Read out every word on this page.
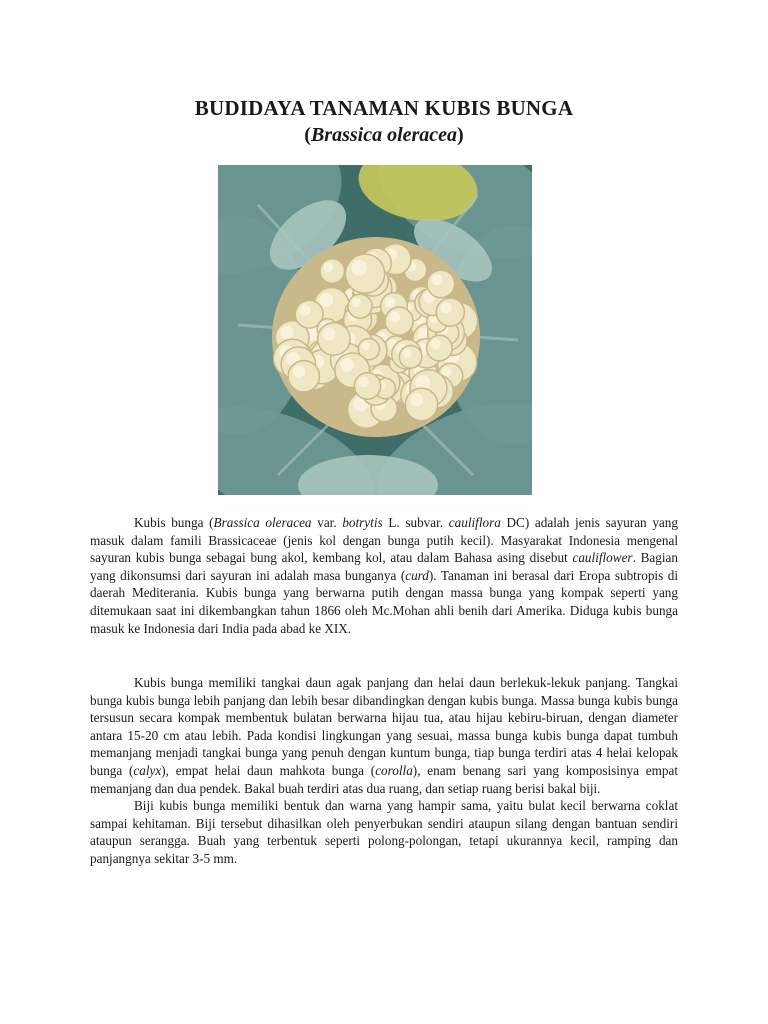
BUDIDAYA TANAMAN KUBIS BUNGA
(Brassica oleracea)

Kubis bunga (Brassica oleracea var. botrytis L. subvar. cauliflora DC) adalah jenis sayuran yang masuk dalam famili Brassicaceae (jenis kol dengan bunga putih kecil). Masyarakat Indonesia mengenal sayuran kubis bunga sebagai bung akol, kembang kol, atau dalam Bahasa asing disebut cauliflower. Bagian yang dikonsumsi dari sayuran ini adalah masa bunganya (curd). Tanaman ini berasal dari Eropa subtropis di daerah Mediterania. Kubis bunga yang berwarna putih dengan massa bunga yang kompak seperti yang ditemukaan saat ini dikembangkan tahun 1866 oleh Mc.Mohan ahli benih dari Amerika. Diduga kubis bunga masuk ke Indonesia dari India pada abad ke XIX.

Kubis bunga memiliki tangkai daun agak panjang dan helai daun berlekuk-lekuk panjang. Tangkai bunga kubis bunga lebih panjang dan lebih besar dibandingkan dengan kubis bunga. Massa bunga kubis bunga tersusun secara kompak membentuk bulatan berwarna hijau tua, atau hijau kebiru-biruan, dengan diameter antara 15-20 cm atau lebih. Pada kondisi lingkungan yang sesuai, massa bunga kubis bunga dapat tumbuh memanjang menjadi tangkai bunga yang penuh dengan kuntum bunga, tiap bunga terdiri atas 4 helai kelopak bunga (calyx), empat helai daun mahkota bunga (corolla), enam benang sari yang komposisinya empat memanjang dan dua pendek. Bakal buah terdiri atas dua ruang, dan setiap ruang berisi bakal biji.

Biji kubis bunga memiliki bentuk dan warna yang hampir sama, yaitu bulat kecil berwarna coklat sampai kehitaman. Biji tersebut dihasilkan oleh penyerbukan sendiri ataupun silang dengan bantuan sendiri ataupun serangga. Buah yang terbentuk seperti polong-polongan, tetapi ukurannya kecil, ramping dan panjangnya sekitar 3-5 mm.
